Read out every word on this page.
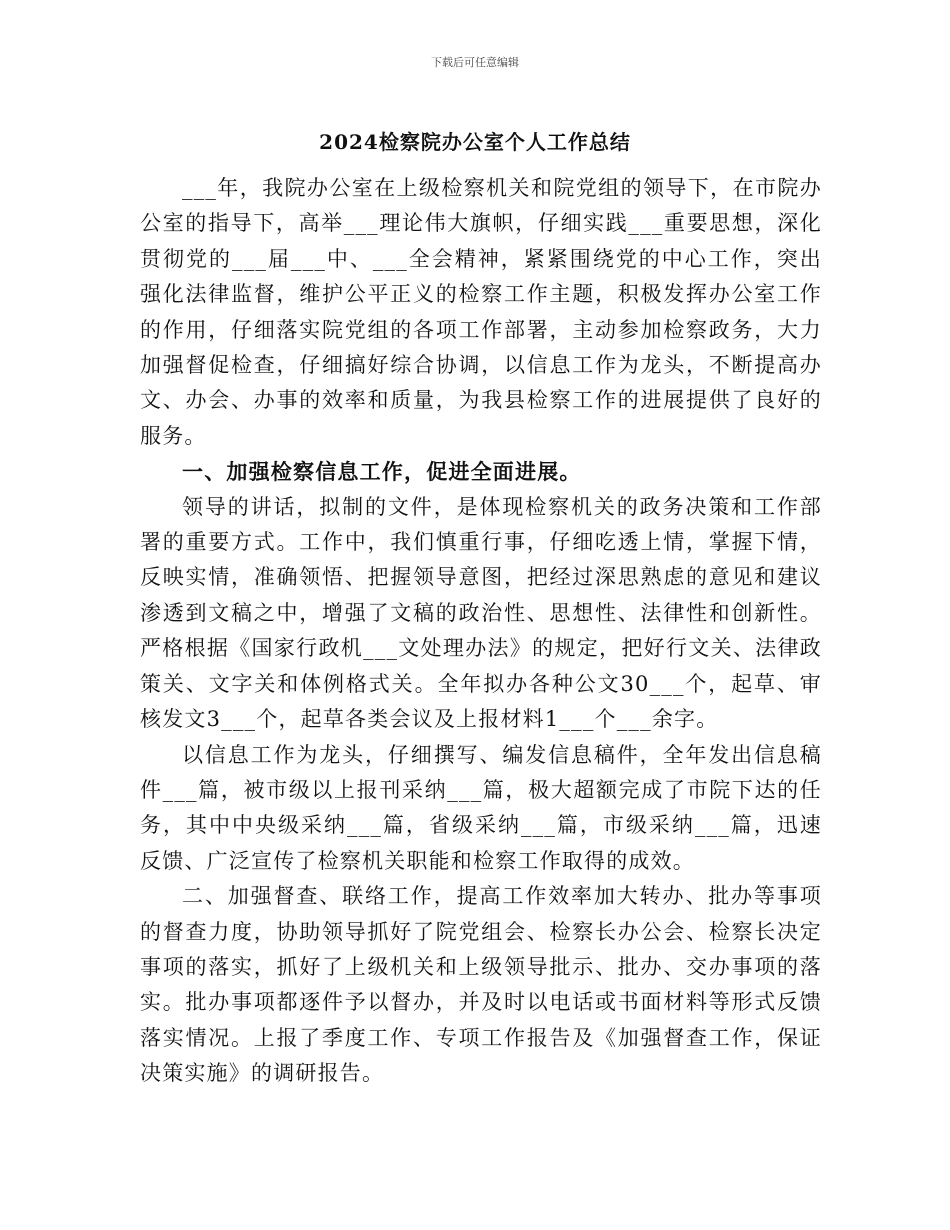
下载后可任意编辑
2024检察院办公室个人工作总结

___年，我院办公室在上级检察机关和院党组的领导下，在市院办公室的指导下，高举___理论伟大旗帜，仔细实践___重要思想，深化贯彻党的___届___中、___全会精神，紧紧围绕党的中心工作，突出强化法律监督，维护公平正义的检察工作主题，积极发挥办公室工作的作用，仔细落实院党组的各项工作部署，主动参加检察政务，大力加强督促检查，仔细搞好综合协调，以信息工作为龙头，不断提高办文、办会、办事的效率和质量，为我县检察工作的进展提供了良好的服务。

一、加强检察信息工作，促进全面进展。

领导的讲话，拟制的文件，是体现检察机关的政务决策和工作部署的重要方式。工作中，我们慎重行事，仔细吃透上情，掌握下情，反映实情，准确领悟、把握领导意图，把经过深思熟虑的意见和建议渗透到文稿之中，增强了文稿的政治性、思想性、法律性和创新性。严格根据《国家行政机___文处理办法》的规定，把好行文关、法律政策关、文字关和体例格式关。全年拟办各种公文30___个，起草、审核发文3___个，起草各类会议及上报材料1___个___余字。

以信息工作为龙头，仔细撰写、编发信息稿件，全年发出信息稿件___篇，被市级以上报刊采纳___篇，极大超额完成了市院下达的任务，其中中央级采纳___篇，省级采纳___篇，市级采纳___篇，迅速反馈、广泛宣传了检察机关职能和检察工作取得的成效。

二、加强督查、联络工作，提高工作效率加大转办、批办等事项的督查力度，协助领导抓好了院党组会、检察长办公会、检察长决定事项的落实，抓好了上级机关和上级领导批示、批办、交办事项的落实。批办事项都逐件予以督办，并及时以电话或书面材料等形式反馈落实情况。上报了季度工作、专项工作报告及《加强督查工作，保证决策实施》的调研报告。
